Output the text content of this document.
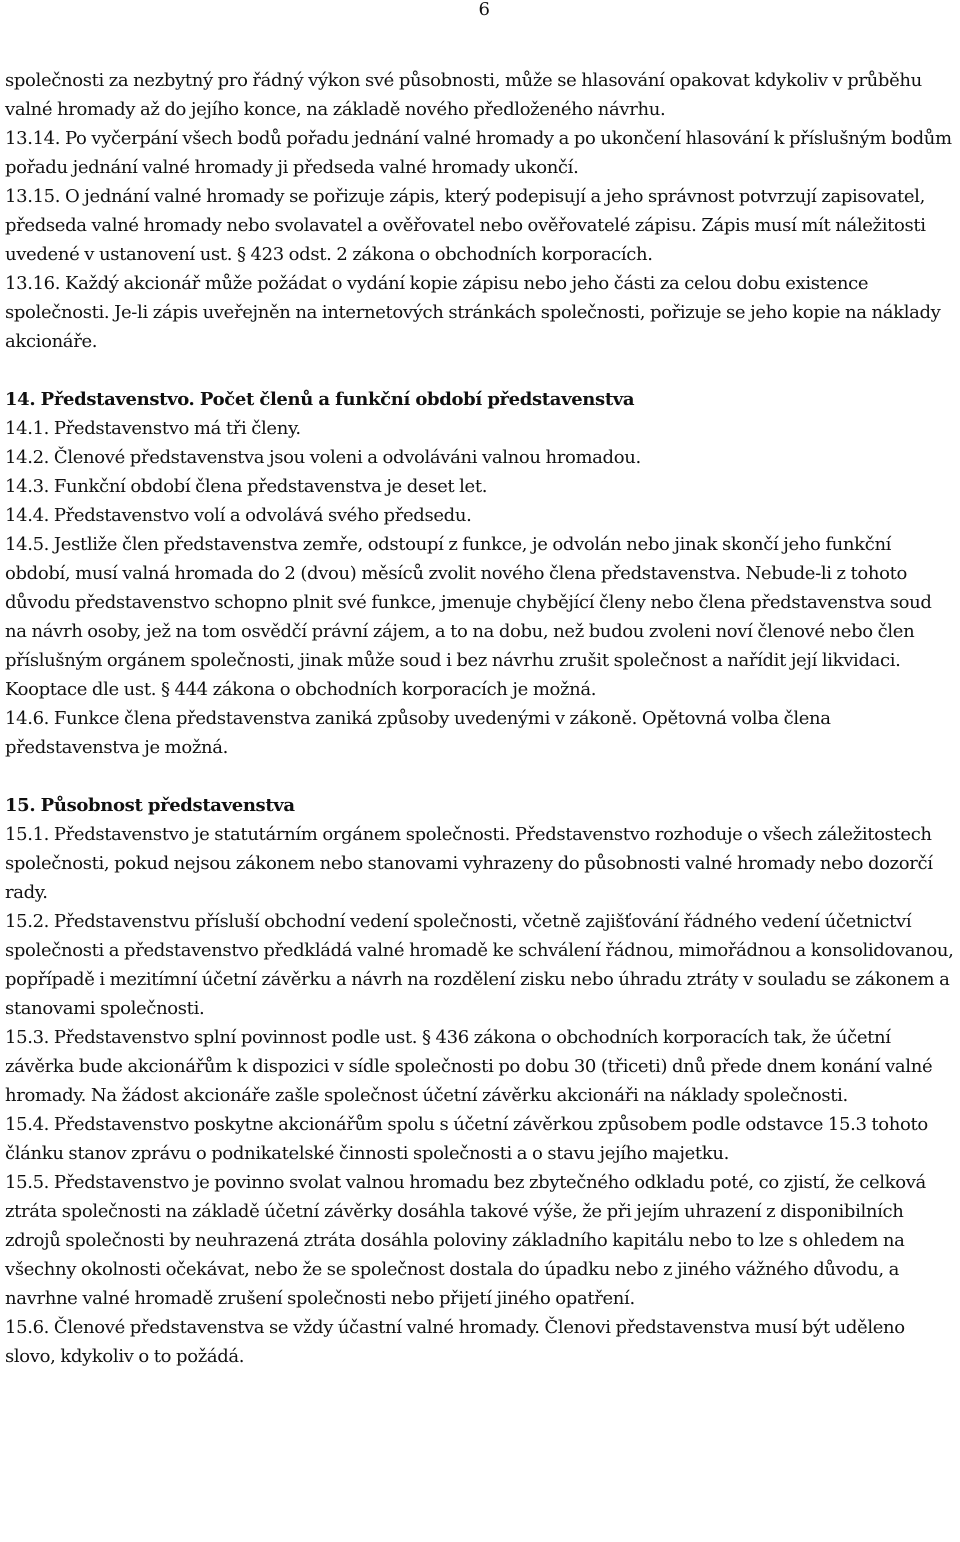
6

společnosti za nezbytný pro řádný výkon své působnosti, může se hlasování opakovat kdykoliv v průběhu valné hromady až do jejího konce, na základě nového předloženého návrhu.

13.14. Po vyčerpání všech bodů pořadu jednání valné hromady a po ukončení hlasování k příslušným bodům pořadu jednání valné hromady ji předseda valné hromady ukončí.

13.15. O jednání valné hromady se pořizuje zápis, který podepisují a jeho správnost potvrzují zapisovatel, předseda valné hromady nebo svolavatel a ověřovatel nebo ověřovatelé zápisu. Zápis musí mít náležitosti uvedené v ustanovení ust. § 423 odst. 2 zákona o obchodních korporacích.

13.16. Každý akcionář může požádat o vydání kopie zápisu nebo jeho části za celou dobu existence společnosti. Je-li zápis uveřejněn na internetových stránkách společnosti, pořizuje se jeho kopie na náklady akcionáře.

14. Představenstvo. Počet členů a funkční období představenstva

14.1. Představenstvo má tři členy.

14.2. Členové představenstva jsou voleni a odvoláváni valnou hromadou.

14.3. Funkční období člena představenstva je deset let.

14.4. Představenstvo volí a odvolává svého předsedu.

14.5. Jestliže člen představenstva zemře, odstoupí z funkce, je odvolán nebo jinak skončí jeho funkční období, musí valná hromada do 2 (dvou) měsíců zvolit nového člena představenstva. Nebude-li z tohoto důvodu představenstvo schopno plnit své funkce, jmenuje chybějící členy nebo člena představenstva soud na návrh osoby, jež na tom osvědčí právní zájem, a to na dobu, než budou zvoleni noví členové nebo člen příslušným orgánem společnosti, jinak může soud i bez návrhu zrušit společnost a nařídit její likvidaci. Kooptace dle ust. § 444 zákona o obchodních korporacích je možná.

14.6. Funkce člena představenstva zaniká způsoby uvedenými v zákoně. Opětovná volba člena představenstva je možná.

15. Působnost představenstva

15.1. Představenstvo je statutárním orgánem společnosti. Představenstvo rozhoduje o všech záležitostech společnosti, pokud nejsou zákonem nebo stanovami vyhrazeny do působnosti valné hromady nebo dozorčí rady.

15.2. Představenstvu přísluší obchodní vedení společnosti, včetně zajišťování řádného vedení účetnictví společnosti a představenstvo předkládá valné hromadě ke schválení řádnou, mimořádnou a konsolidovanou, popřípadě i mezitímní účetní závěrku a návrh na rozdělení zisku nebo úhradu ztráty v souladu se zákonem a stanovami společnosti.

15.3. Představenstvo splní povinnost podle ust. § 436 zákona o obchodních korporacích tak, že účetní závěrka bude akcionářům k dispozici v sídle společnosti po dobu 30 (třiceti) dnů přede dnem konání valné hromady. Na žádost akcionáře zašle společnost účetní závěrku akcionáři na náklady společnosti.

15.4. Představenstvo poskytne akcionářům spolu s účetní závěrkou způsobem podle odstavce 15.3 tohoto článku stanov zprávu o podnikatelské činnosti společnosti a o stavu jejího majetku.

15.5. Představenstvo je povinno svolat valnou hromadu bez zbytečného odkladu poté, co zjistí, že celková ztráta společnosti na základě účetní závěrky dosáhla takové výše, že při jejím uhrazení z disponibilních zdrojů společnosti by neuhrazená ztráta dosáhla poloviny základního kapitálu nebo to lze s ohledem na všechny okolnosti očekávat, nebo že se společnost dostala do úpadku nebo z jiného vážného důvodu, a navrhne valné hromadě zrušení společnosti nebo přijetí jiného opatření.

15.6. Členové představenstva se vždy účastní valné hromady. Členovi představenstva musí být uděleno slovo, kdykoliv o to požádá.
